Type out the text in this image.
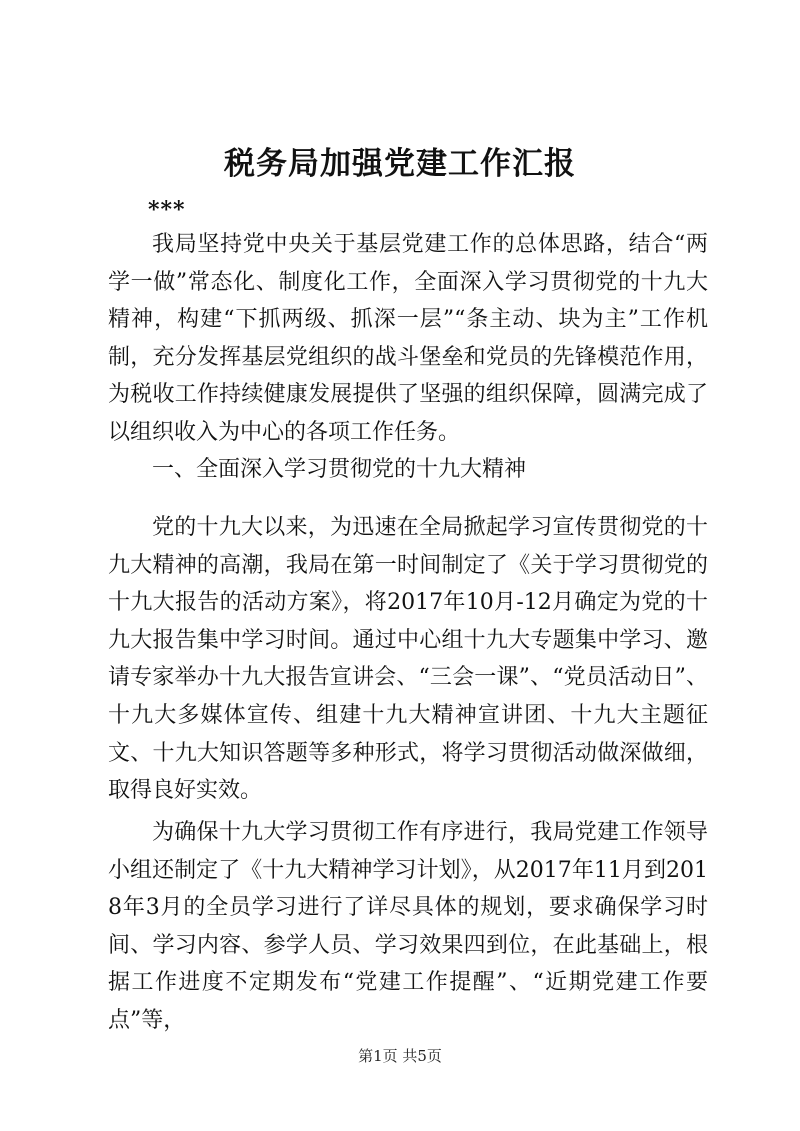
税务局加强党建工作汇报
***
我局坚持党中央关于基层党建工作的总体思路，结合“两学一做”常态化、制度化工作，全面深入学习贯彻党的十九大精神，构建“下抓两级、抓深一层”“条主动、块为主”工作机制，充分发挥基层党组织的战斗堡垒和党员的先锋模范作用，为税收工作持续健康发展提供了坚强的组织保障，圆满完成了以组织收入为中心的各项工作任务。
一、全面深入学习贯彻党的十九大精神
党的十九大以来，为迅速在全局掀起学习宣传贯彻党的十九大精神的高潮，我局在第一时间制定了《关于学习贯彻党的十九大报告的活动方案》，将2017年10月-12月确定为党的十九大报告集中学习时间。通过中心组十九大专题集中学习、邀请专家举办十九大报告宣讲会、“三会一课”、“党员活动日”、十九大多媒体宣传、组建十九大精神宣讲团、十九大主题征文、十九大知识答题等多种形式，将学习贯彻活动做深做细，取得良好实效。
为确保十九大学习贯彻工作有序进行，我局党建工作领导小组还制定了《十九大精神学习计划》，从2017年11月到2018年3月的全员学习进行了详尽具体的规划，要求确保学习时间、学习内容、参学人员、学习效果四到位，在此基础上，根据工作进度不定期发布“党建工作提醒”、“近期党建工作要点”等，
第1页 共5页
